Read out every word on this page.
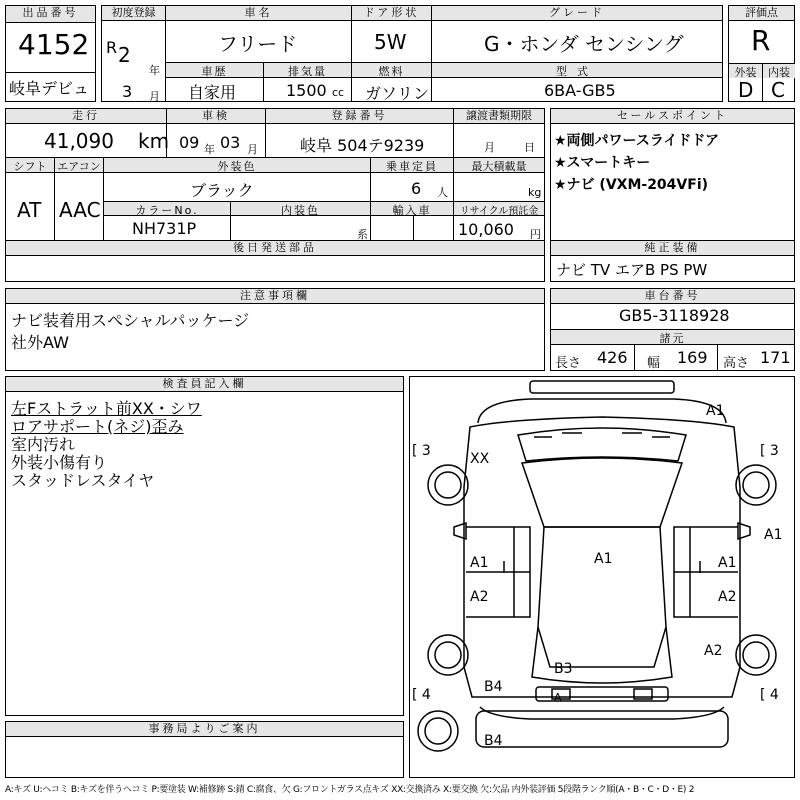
出品番号
4152
岐阜デビュ
初度登録
R 2
年
3 月
車名
フリード
ドア形状
5W
グレード
G・ホンダ センシング
評価点
R
外装	内装
D C
車歴
自家用
排気量
1500 cc
燃料
ガソリン
型式
6BA-GB5
走行
41,090 km
車検
09 年 03 月
登録番号
岐阜 504テ9239
譲渡書類期限
月	日
シフト
AT
エアコン
AAC
外装色
ブラック
乗車定員
6 人
最大積載量
kg
カラーNo.
NH731P
内装色
系
輸入車	リサイクル預託金
10,060 円
後日発送部品
セールスポイント
★両側パワースライドドア
★スマートキー
★ナビ (VXM-204VFi)
純正装備
ナビ TV エアB PS PW
注意事項欄
ナビ装着用スペシャルパッケージ
社外AW
車台番号
GB5-3118928
諸元
長さ 426 幅 169 高さ 171
検査員記入欄
左Fストラット前XX・シワ
ロアサポート(ネジ)歪み
室内汚れ
外装小傷有り
スタッドレスタイヤ
事務局よりご案内
A1
XX
A1
A1	A1	A1
A2	A2
A2
B3
B4
A
B4
[ 3	[ 3
[ 4	[ 4
A:キズ U:ヘコミ B:キズを伴うヘコミ P:要塗装 W:補修跡 S:錆 C:腐食、欠 G:フロントガラス点キズ XX:交換済み X:要交換 欠:欠品 内外装評価 5段階ランク順(A・B・C・D・E) 2
